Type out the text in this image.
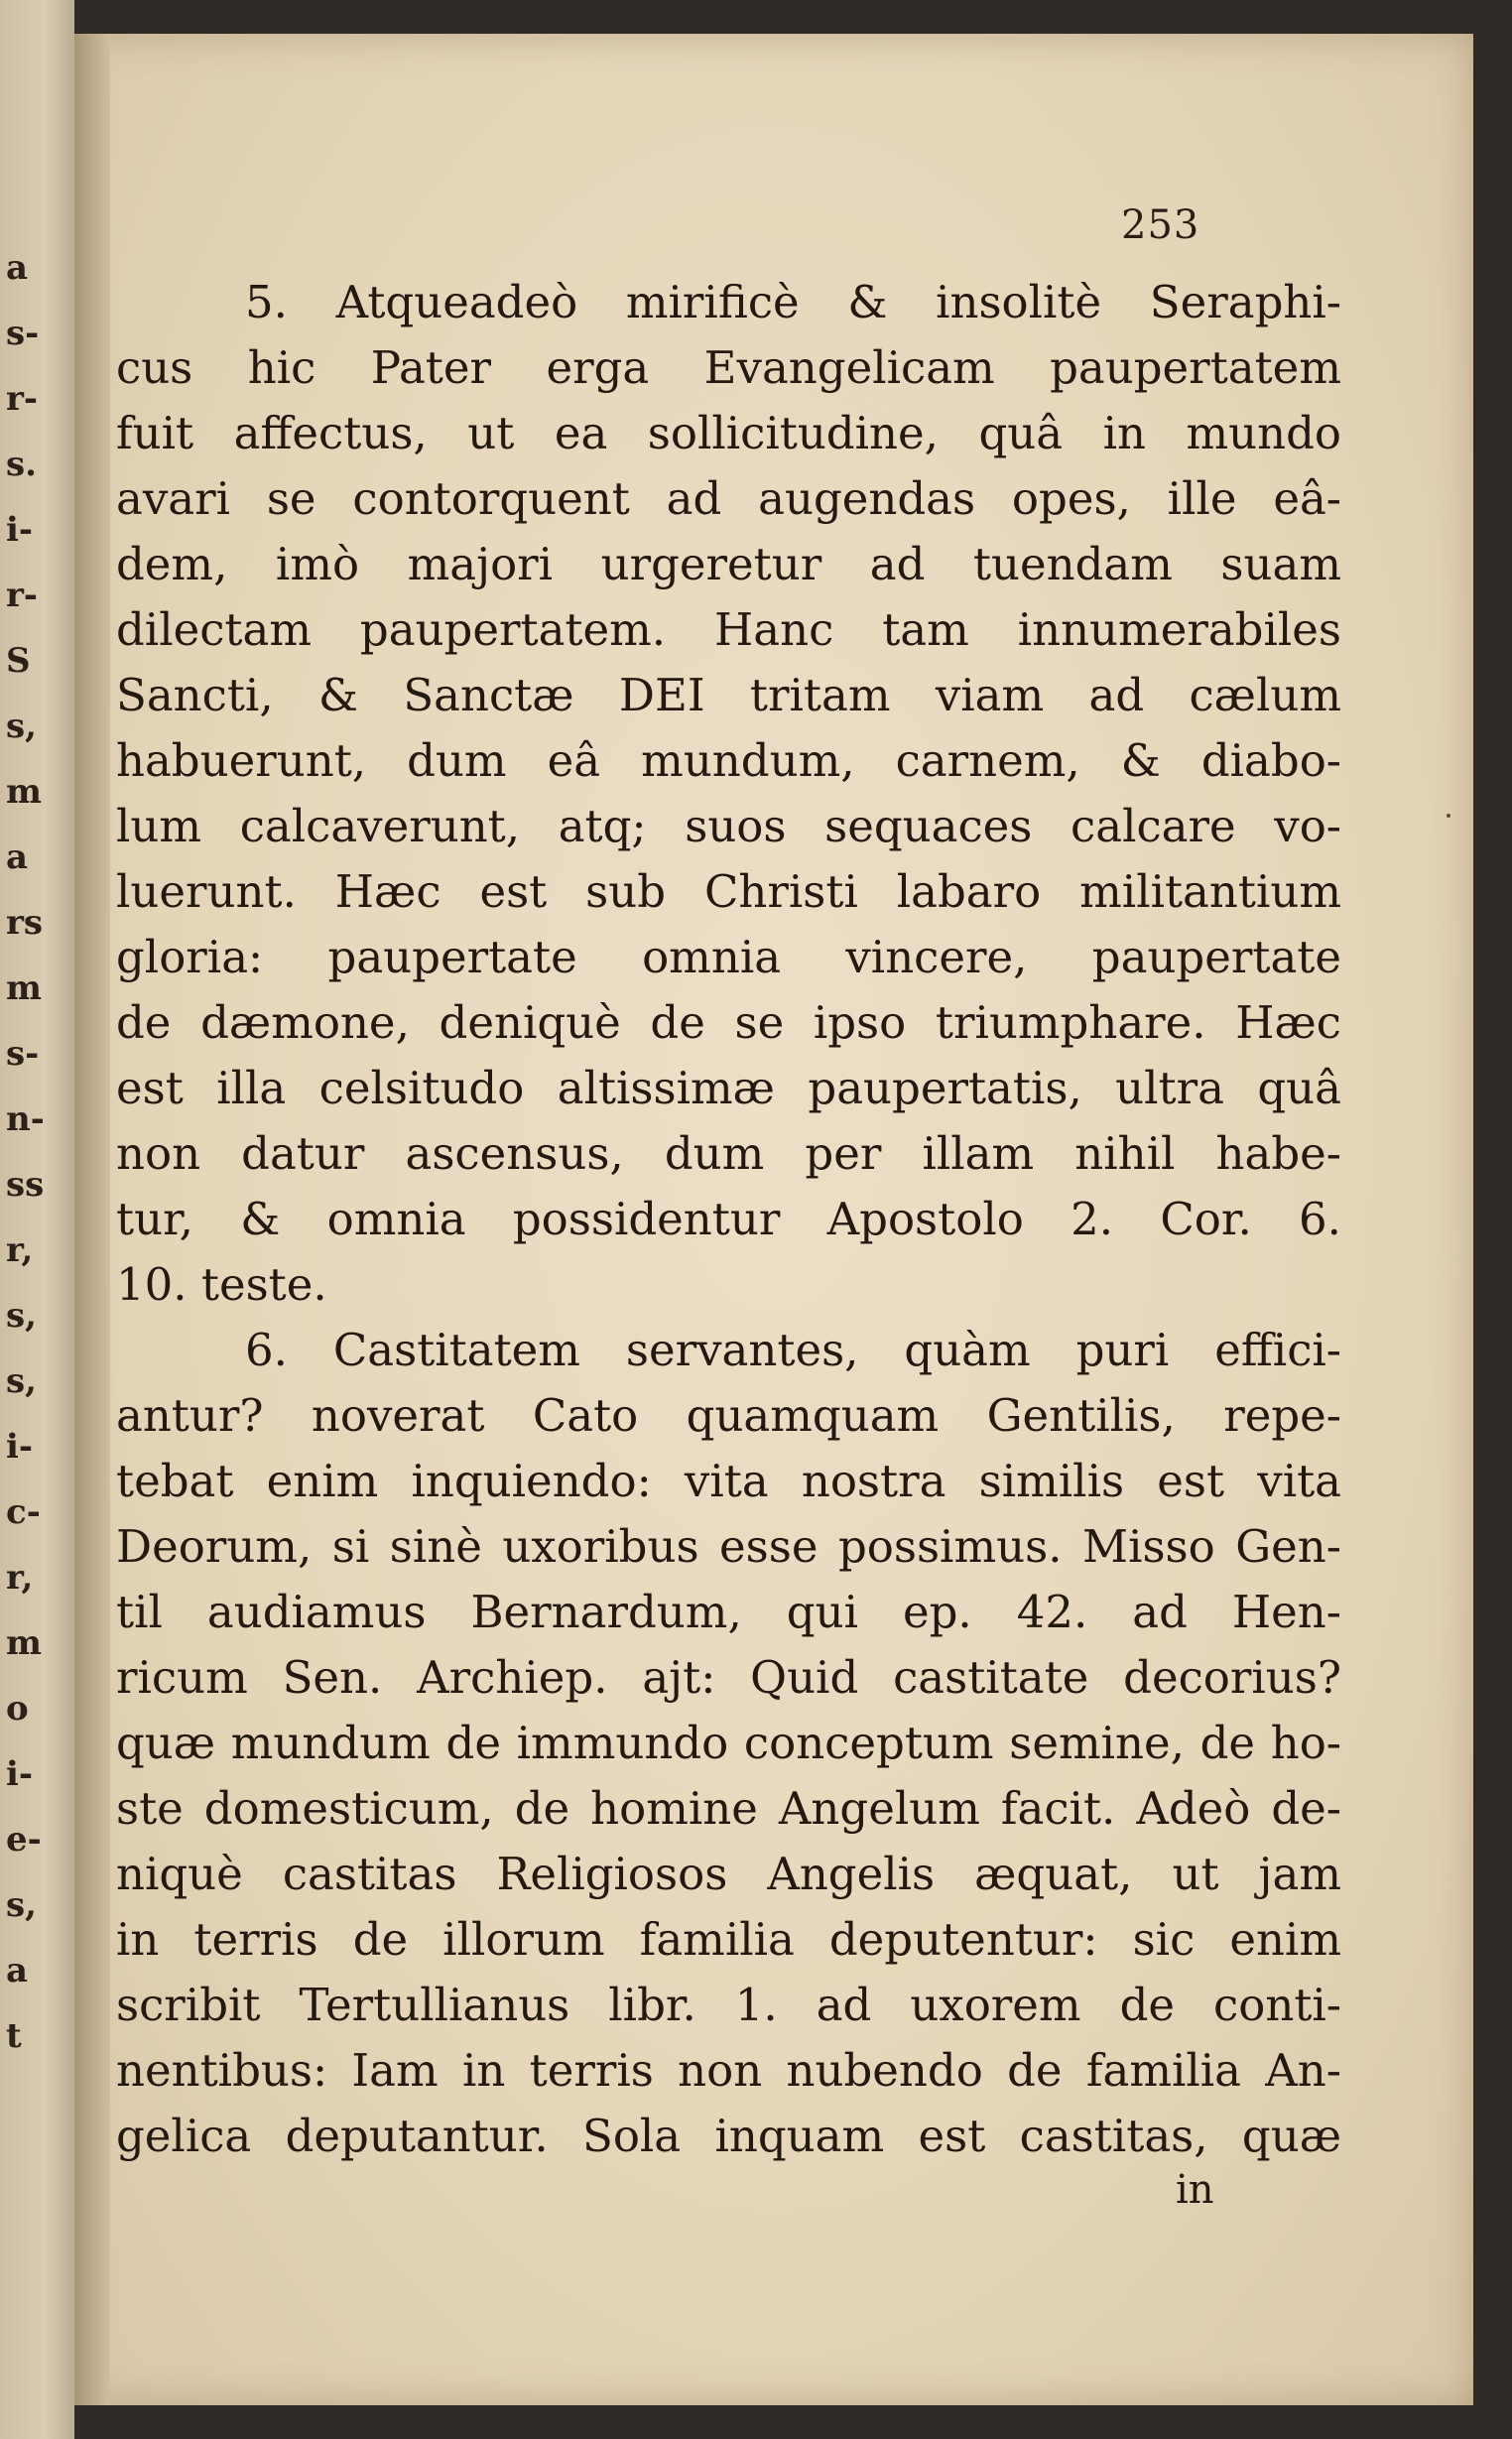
a
s-
r-
s.
i-
r-
S
s,
m
a
rs
m
s-
n-
ss
r,
s,
s,
i-
c-
r,
m
o
i-
e-
s,
a
t
253
5. Atqueadeò mirificè & insolitè Seraphi-
cus hic Pater erga Evangelicam paupertatem
fuit affectus, ut ea sollicitudine, quâ in mundo
avari se contorquent ad augendas opes, ille eâ-
dem, imò majori urgeretur ad tuendam suam
dilectam paupertatem. Hanc tam innumerabiles
Sancti, & Sanctæ DEI tritam viam ad cælum
habuerunt, dum eâ mundum, carnem, & diabo-
lum calcaverunt, atq; suos sequaces calcare vo-
luerunt. Hæc est sub Christi labaro militantium
gloria: paupertate omnia vincere, paupertate
de dæmone, deniquè de se ipso triumphare. Hæc
est illa celsitudo altissimæ paupertatis, ultra quâ
non datur ascensus, dum per illam nihil habe-
tur, & omnia possidentur Apostolo 2. Cor. 6.
10. teste.
6. Castitatem servantes, quàm puri effici-
antur? noverat Cato quamquam Gentilis, repe-
tebat enim inquiendo: vita nostra similis est vita
Deorum, si sinè uxoribus esse possimus. Misso Gen-
til audiamus Bernardum, qui ep. 42. ad Hen-
ricum Sen. Archiep. ajt: Quid castitate decorius?
quæ mundum de immundo conceptum semine, de ho-
ste domesticum, de homine Angelum facit. Adeò de-
niquè castitas Religiosos Angelis æquat, ut jam
in terris de illorum familia deputentur: sic enim
scribit Tertullianus libr. 1. ad uxorem de conti-
nentibus: Iam in terris non nubendo de familia An-
gelica deputantur. Sola inquam est castitas, quæ
in
